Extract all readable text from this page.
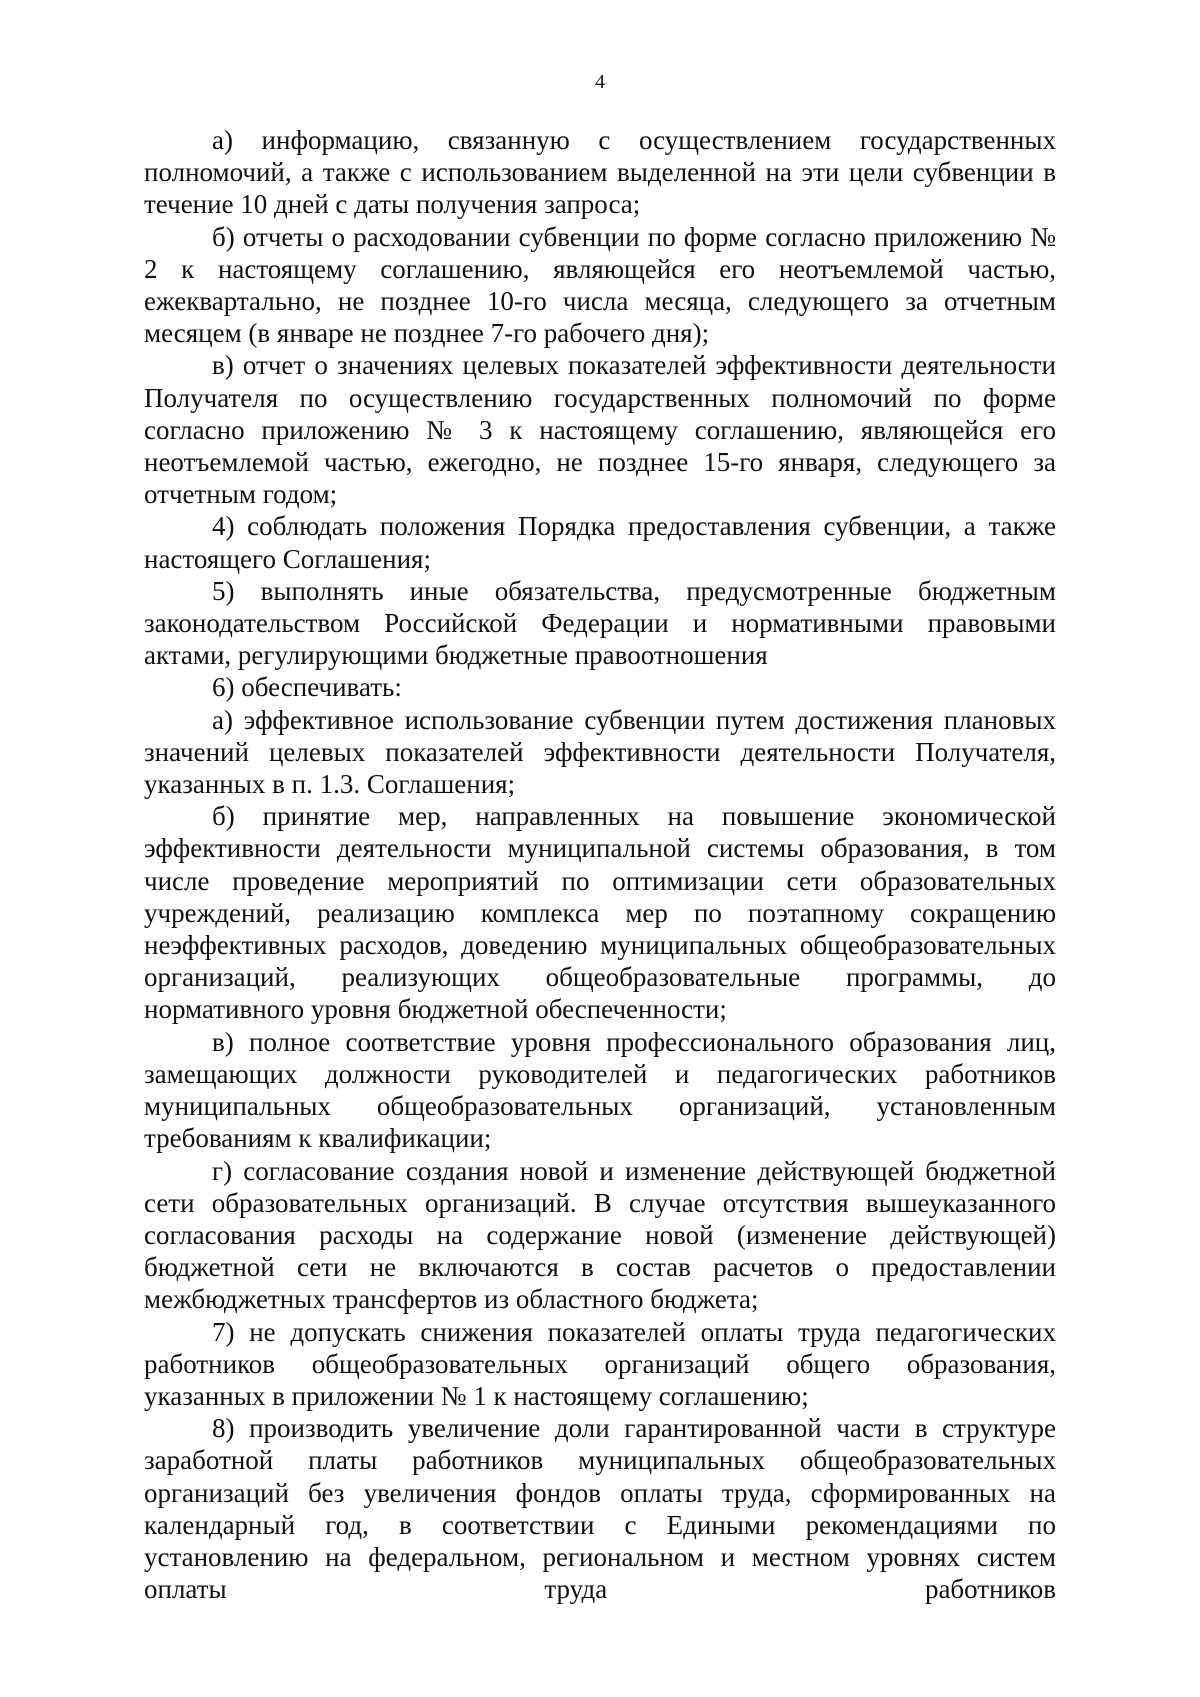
4

а) информацию, связанную с осуществлением государственных полномочий, а также с использованием выделенной на эти цели субвенции в течение 10 дней с даты получения запроса;

б) отчеты о расходовании субвенции по форме согласно приложению № 2 к настоящему соглашению, являющейся его неотъемлемой частью, ежеквартально, не позднее 10-го числа месяца, следующего за отчетным месяцем (в январе не позднее 7-го рабочего дня);

в) отчет о значениях целевых показателей эффективности деятельности Получателя по осуществлению государственных полномочий по форме согласно приложению № 3 к настоящему соглашению, являющейся его неотъемлемой частью, ежегодно, не позднее 15-го января, следующего за отчетным годом;

4) соблюдать положения Порядка предоставления субвенции, а также настоящего Соглашения;

5) выполнять иные обязательства, предусмотренные бюджетным законодательством Российской Федерации и нормативными правовыми актами, регулирующими бюджетные правоотношения

6) обеспечивать:

а) эффективное использование субвенции путем достижения плановых значений целевых показателей эффективности деятельности Получателя, указанных в п. 1.3. Соглашения;

б) принятие мер, направленных на повышение экономической эффективности деятельности муниципальной системы образования, в том числе проведение мероприятий по оптимизации сети образовательных учреждений, реализацию комплекса мер по поэтапному сокращению неэффективных расходов, доведению муниципальных общеобразовательных организаций, реализующих общеобразовательные программы, до нормативного уровня бюджетной обеспеченности;

в) полное соответствие уровня профессионального образования лиц, замещающих должности руководителей и педагогических работников муниципальных общеобразовательных организаций, установленным требованиям к квалификации;

г) согласование создания новой и изменение действующей бюджетной сети образовательных организаций. В случае отсутствия вышеуказанного согласования расходы на содержание новой (изменение действующей) бюджетной сети не включаются в состав расчетов о предоставлении межбюджетных трансфертов из областного бюджета;

7) не допускать снижения показателей оплаты труда педагогических работников общеобразовательных организаций общего образования, указанных в приложении № 1 к настоящему соглашению;

8) производить увеличение доли гарантированной части в структуре заработной платы работников муниципальных общеобразовательных организаций без увеличения фондов оплаты труда, сформированных на календарный год, в соответствии с Едиными рекомендациями по установлению на федеральном, региональном и местном уровнях систем оплаты труда работников
